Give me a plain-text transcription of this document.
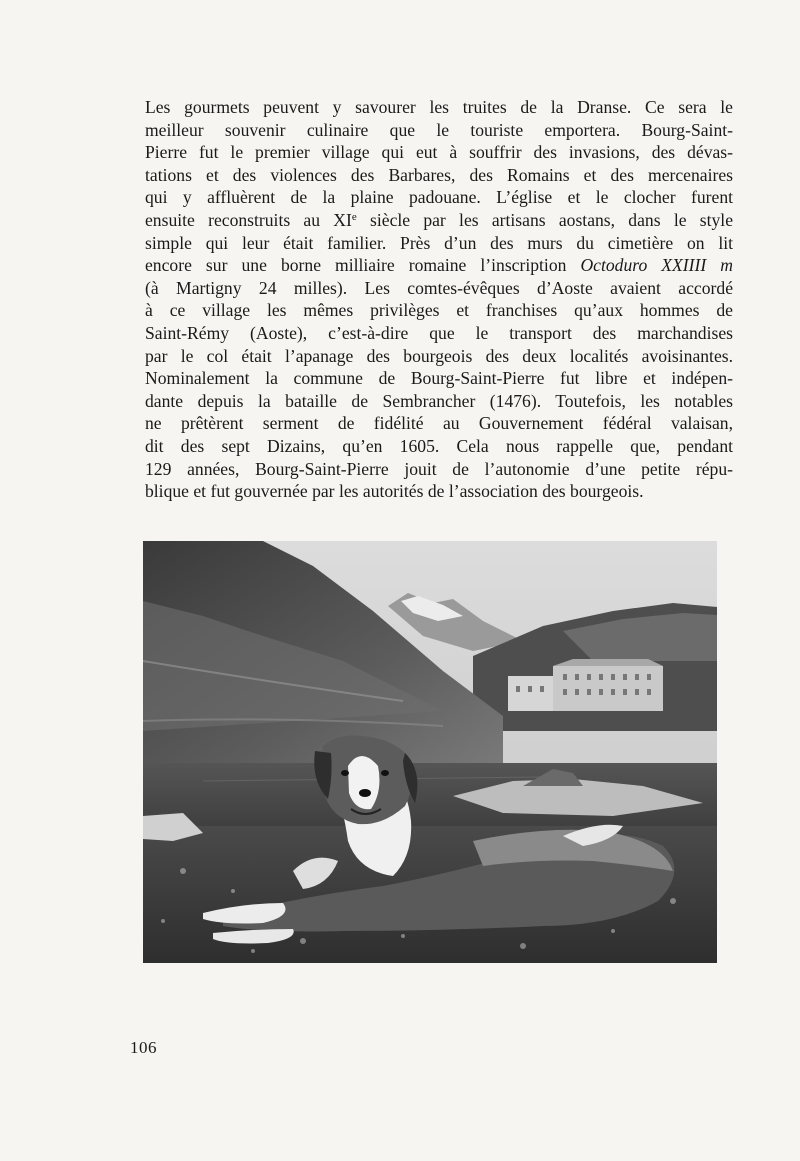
Les gourmets peuvent y savourer les truites de la Dranse. Ce sera le
meilleur souvenir culinaire que le touriste emportera. Bourg-Saint-
Pierre fut le premier village qui eut à souffrir des invasions, des dévas-
tations et des violences des Barbares, des Romains et des mercenaires
qui y affluèrent de la plaine padouane. L’église et le clocher furent
ensuite reconstruits au XIe siècle par les artisans aostans, dans le style
simple qui leur était familier. Près d’un des murs du cimetière on lit
encore sur une borne milliaire romaine l’inscription Octoduro XXIIII m
(à Martigny 24 milles). Les comtes-évêques d’Aoste avaient accordé
à ce village les mêmes privilèges et franchises qu’aux hommes de
Saint-Rémy (Aoste), c’est-à-dire que le transport des marchandises
par le col était l’apanage des bourgeois des deux localités avoisinantes.
Nominalement la commune de Bourg-Saint-Pierre fut libre et indépen-
dante depuis la bataille de Sembrancher (1476). Toutefois, les notables
ne prêtèrent serment de fidélité au Gouvernement fédéral valaisan,
dit des sept Dizains, qu’en 1605. Cela nous rappelle que, pendant
129 années, Bourg-Saint-Pierre jouit de l’autonomie d’une petite répu-
blique et fut gouvernée par les autorités de l’association des bourgeois.
106
